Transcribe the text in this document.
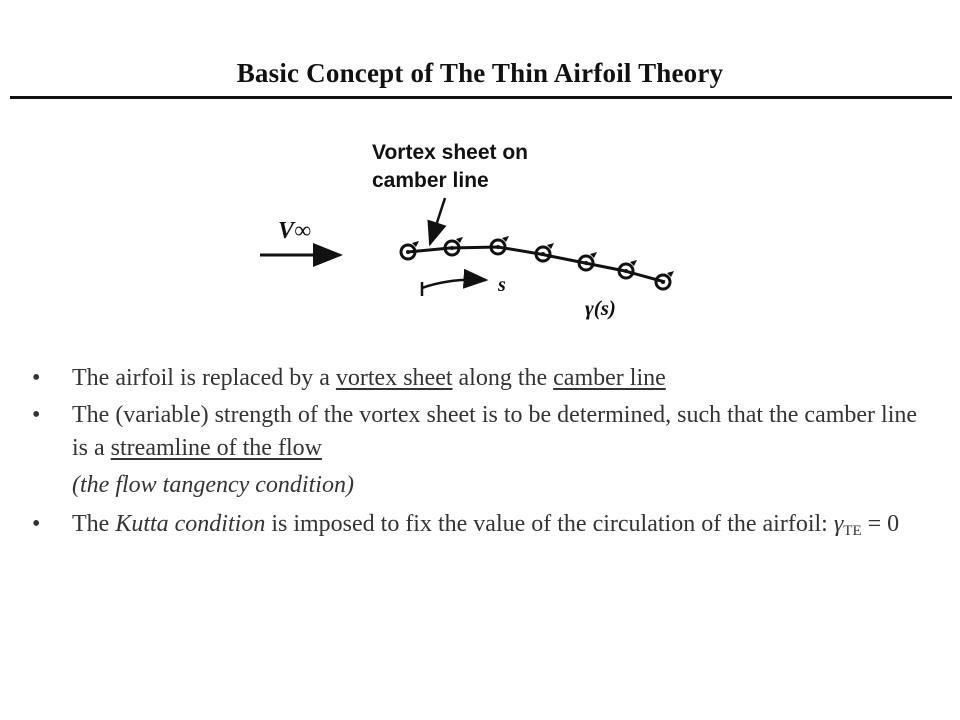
Basic Concept of The Thin Airfoil Theory
Vortex sheet on
camber line
V∞
s
γ(s)
•	The airfoil is replaced by a vortex sheet along the camber line
•	The (variable) strength of the vortex sheet is to be determined, such that the camber line is a streamline of the flow
(the flow tangency condition)
•	The Kutta condition is imposed to fix the value of the circulation of the airfoil: $\gamma_{TE} = 0$
